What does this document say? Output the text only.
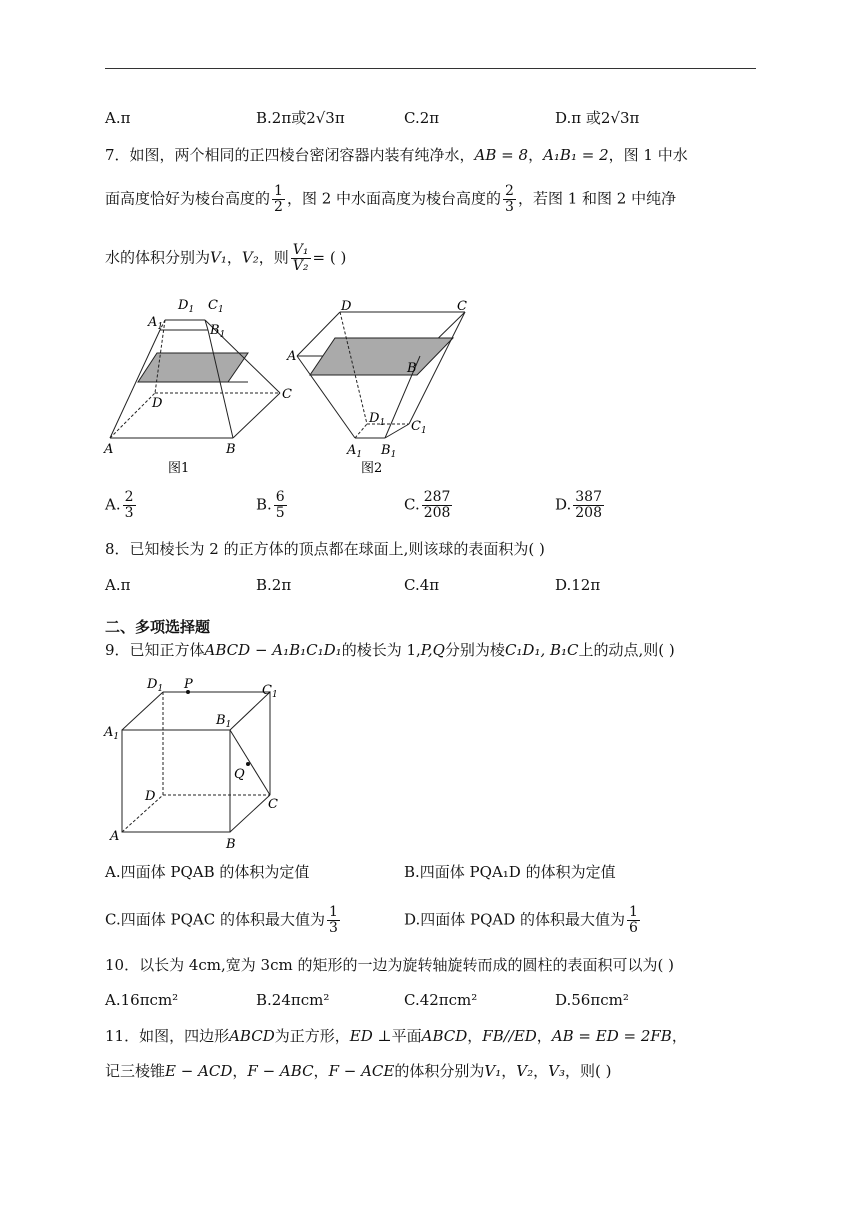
A.π	B.2π或2√3π	C.2π	D.π 或2√3π
7．如图，两个相同的正四棱台密闭容器内装有纯净水，AB = 8，A₁B₁ = 2，图 1 中水
面高度恰好为棱台高度的 $\frac{1}{2}$ ，图 2 中水面高度为棱台高度的 $\frac{2}{3}$ ，若图 1 和图 2 中纯净
水的体积分别为V₁，V₂，则 $\frac{\text{V₁}}{\text{V₂}}$ = ( )
$D_1$ $C_1$
$A_1$	$B_1$
D
C
A	B
图1
D	C
A
B
$D_1$ $C_1$
$A_1$ $B_1$
图2
A. $\frac{2}{3}$	B. $\frac{6}{5}$	C. $\frac{287}{208}$	D. $\frac{387}{208}$
8．已知棱长为 2 的正方体的顶点都在球面上,则该球的表面积为( )
A.π	B.2π	C.4π	D.12π
二、多项选择题
9．已知正方体ABCD − A₁B₁C₁D₁的棱长为 1,P,Q分别为棱C₁D₁, B₁C上的动点,则( )
$D_1$ P	$C_1$
$A_1$
$B_1$
Q
D
C
A
B
A.四面体 PQAB 的体积为定值	B.四面体 PQA₁D 的体积为定值
C.四面体 PQAC 的体积最大值为 $\frac{1}{3}$	D.四面体 PQAD 的体积最大值为 $\frac{1}{6}$
10．以长为 4cm,宽为 3cm 的矩形的一边为旋转轴旋转而成的圆柱的表面积可以为( )
A.16πcm²	B.24πcm²	C.42πcm²	D.56πcm²
11．如图，四边形ABCD为正方形，ED ⊥平面ABCD，FB//ED，AB = ED = 2FB，
记三棱锥E − ACD，F − ABC，F − ACE的体积分别为V₁，V₂，V₃，则( )
